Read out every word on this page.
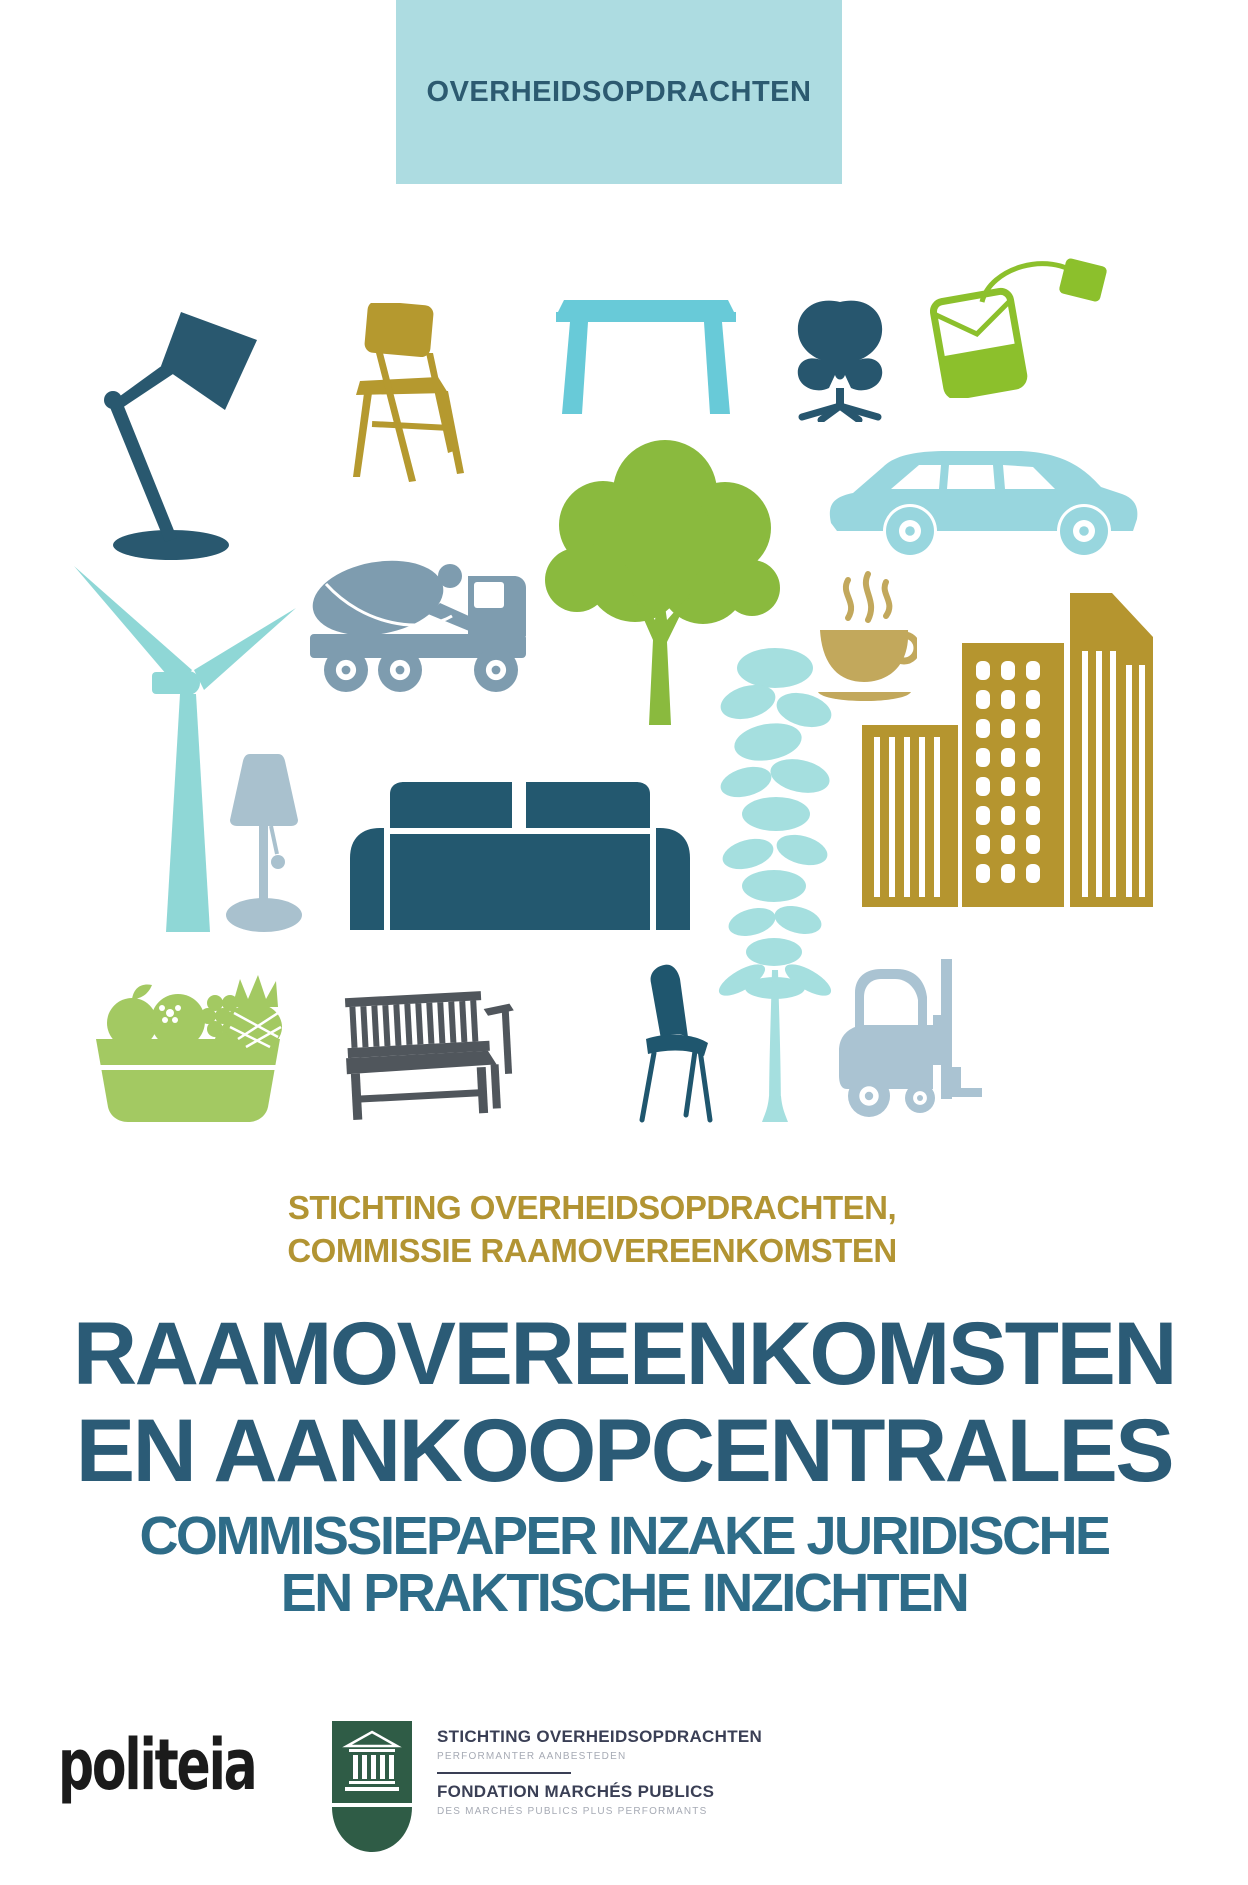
OVERHEIDSOPDRACHTEN
STICHTING OVERHEIDSOPDRACHTEN,
COMMISSIE RAAMOVEREENKOMSTEN
RAAMOVEREENKOMSTEN
EN AANKOOPCENTRALES
COMMISSIEPAPER INZAKE JURIDISCHE
EN PRAKTISCHE INZICHTEN
politeia	STICHTING OVERHEIDSOPDRACHTEN
PERFORMANTER AANBESTEDEN
FONDATION MARCHÉS PUBLICS
DES MARCHÉS PUBLICS PLUS PERFORMANTS
